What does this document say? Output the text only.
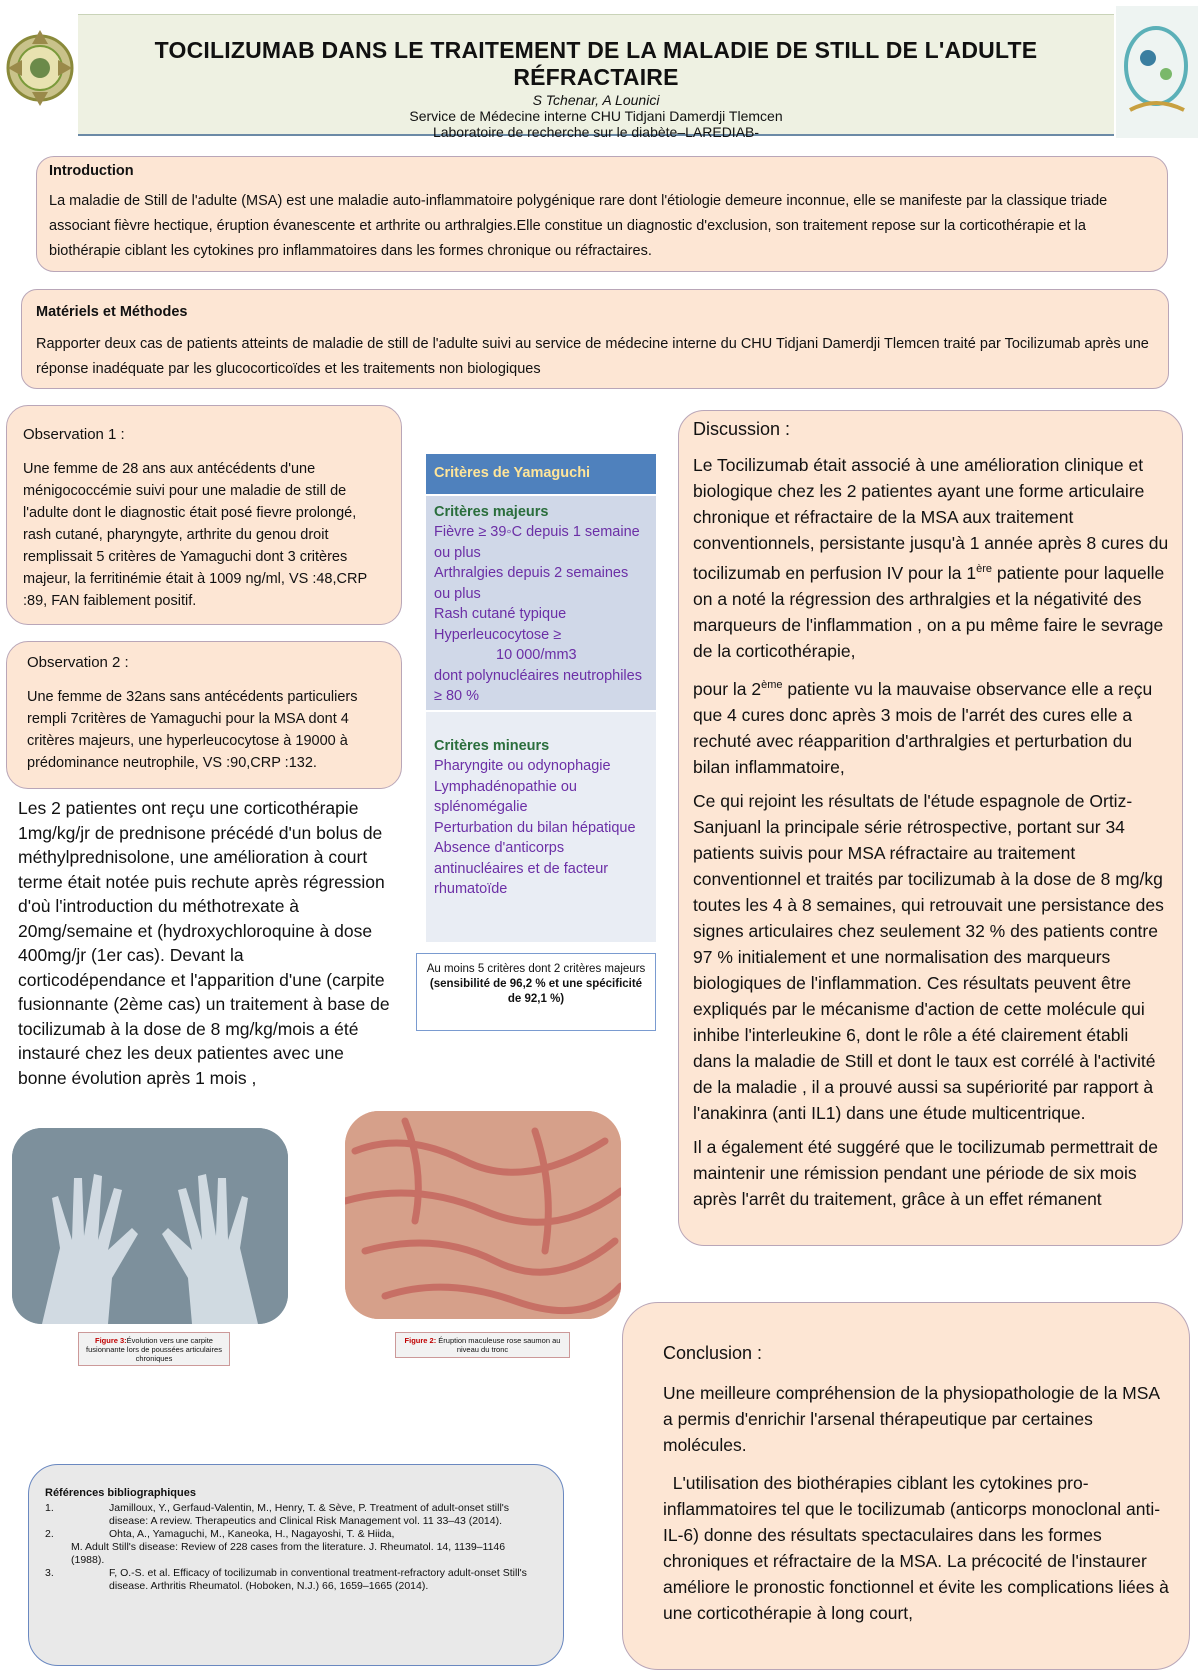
TOCILIZUMAB DANS LE TRAITEMENT DE LA MALADIE DE STILL DE L'ADULTE RÉFRACTAIRE
S Tchenar, A Lounici
Service de Médecine interne CHU Tidjani Damerdji Tlemcen
Laboratoire de recherche sur le diabète–LAREDIAB-
Introduction
La maladie de Still de l'adulte (MSA) est une maladie auto-inflammatoire polygénique rare dont l'étiologie demeure inconnue, elle se manifeste par la classique triade associant fièvre hectique, éruption évanescente et arthrite ou arthralgies.Elle constitue un diagnostic d'exclusion, son traitement repose sur la corticothérapie et la biothérapie ciblant les cytokines pro inflammatoires dans les formes chronique ou réfractaires.
Matériels et Méthodes
Rapporter deux cas de patients atteints de maladie de still de l'adulte suivi au service de médecine interne du CHU Tidjani Damerdji Tlemcen traité par Tocilizumab après une réponse inadéquate par les glucocorticoïdes et les traitements non biologiques
Observation 1 :
Une femme de 28 ans aux antécédents d'une ménigococcémie suivi pour une maladie de still de l'adulte dont le diagnostic était posé fievre prolongé, rash cutané, pharyngyte, arthrite du genou droit remplissait 5 critères de Yamaguchi dont 3 critères majeur, la ferritinémie était à 1009 ng/ml, VS :48,CRP :89, FAN faiblement positif.
Observation 2 :
Une femme de 32ans sans antécédents particuliers rempli 7critères de Yamaguchi pour la MSA dont 4 critères majeurs, une hyperleucocytose à 19000 à prédominance neutrophile, VS :90,CRP :132.
Les 2 patientes ont reçu une corticothérapie 1mg/kg/jr de prednisone précédé d'un bolus de méthylprednisolone, une amélioration à court terme était notée puis rechute après régression d'où l'introduction du méthotrexate à 20mg/semaine et (hydroxychloroquine à dose 400mg/jr (1er cas). Devant la corticodépendance et l'apparition d'une (carpite fusionnante (2ème cas) un traitement à base de tocilizumab à la dose de 8 mg/kg/mois a été instauré chez les deux patientes avec une bonne évolution après 1 mois ,
Critères de Yamaguchi
Critères majeurs
Fièvre ≥ 39◦C depuis 1 semaine ou plus
Arthralgies depuis 2 semaines ou plus
Rash cutané typique
Hyperleucocytose ≥
10 000/mm3
dont polynucléaires neutrophiles ≥ 80 %
Critères mineurs
Pharyngite ou odynophagie
Lymphadénopathie ou splénomégalie
Perturbation du bilan hépatique
Absence d'anticorps antinucléaires et de facteur rhumatoïde
Au moins 5 critères dont 2 critères majeurs
(sensibilité de 96,2 % et une spécificité de 92,1 %)
Discussion :

Le Tocilizumab était associé à une amélioration clinique et biologique chez les 2 patientes ayant une forme articulaire chronique et réfractaire de la MSA aux traitement conventionnels, persistante jusqu'à 1 année après 8 cures du tocilizumab en perfusion IV pour la 1ère patiente pour laquelle on a noté la régression des arthralgies et la négativité des marqueurs de l'inflammation , on a pu même faire le sevrage de la corticothérapie,

pour la 2ème patiente vu la mauvaise observance elle a reçu que 4 cures donc après 3 mois de l'arrét des cures elle a rechuté avec réapparition d'arthralgies et perturbation du bilan inflammatoire,

Ce qui rejoint les résultats de l'étude espagnole de Ortiz-Sanjuanl la principale série rétrospective, portant sur 34 patients suivis pour MSA réfractaire au traitement conventionnel et traités par tocilizumab à la dose de 8 mg/kg toutes les 4 à 8 semaines, qui retrouvait une persistance des signes articulaires chez seulement 32 % des patients contre 97 % initialement et une normalisation des marqueurs biologiques de l'inflammation. Ces résultats peuvent être expliqués par le mécanisme d'action de cette molécule qui inhibe l'interleukine 6, dont le rôle a été clairement établi dans la maladie de Still et dont le taux est corrélé à l'activité de la maladie , il a prouvé aussi sa supériorité par rapport à l'anakinra (anti IL1) dans une étude multicentrique.

Il a également été suggéré que le tocilizumab permettrait de maintenir une rémission pendant une période de six mois après l'arrêt du traitement, grâce à un effet rémanent

Figure 3:Évolution vers une carpite fusionnante lors de poussées articulaires chroniques
Figure 2: Éruption maculeuse rose saumon au niveau du tronc	Conclusion :

Une meilleure compréhension de la physiopathologie de la MSA a permis d'enrichir l'arsenal thérapeutique par certaines molécules.

L'utilisation des biothérapies ciblant les cytokines pro-inflammatoires tel que le tocilizumab (anticorps monoclonal anti-IL-6) donne des résultats spectaculaires dans les formes chroniques et réfractaire de la MSA. La précocité de l'instaurer améliore le pronostic fonctionnel et évite les complications liées à une corticothérapie à long court,

Références bibliographiques
1.	Jamilloux, Y., Gerfaud-Valentin, M., Henry, T. & Sève, P. Treatment of adult-onset still's
disease: A review. Therapeutics and Clinical Risk Management vol. 11 33–43 (2014).
2.	Ohta, A., Yamaguchi, M., Kaneoka, H., Nagayoshi, T. & Hiida,
M. Adult Still's disease: Review of 228 cases from the literature. J. Rheumatol. 14, 1139–1146
(1988).
3.	F, O.-S. et al. Efficacy of tocilizumab in conventional treatment-refractory adult-onset Still's
disease. Arthritis Rheumatol. (Hoboken, N.J.) 66, 1659–1665 (2014).
